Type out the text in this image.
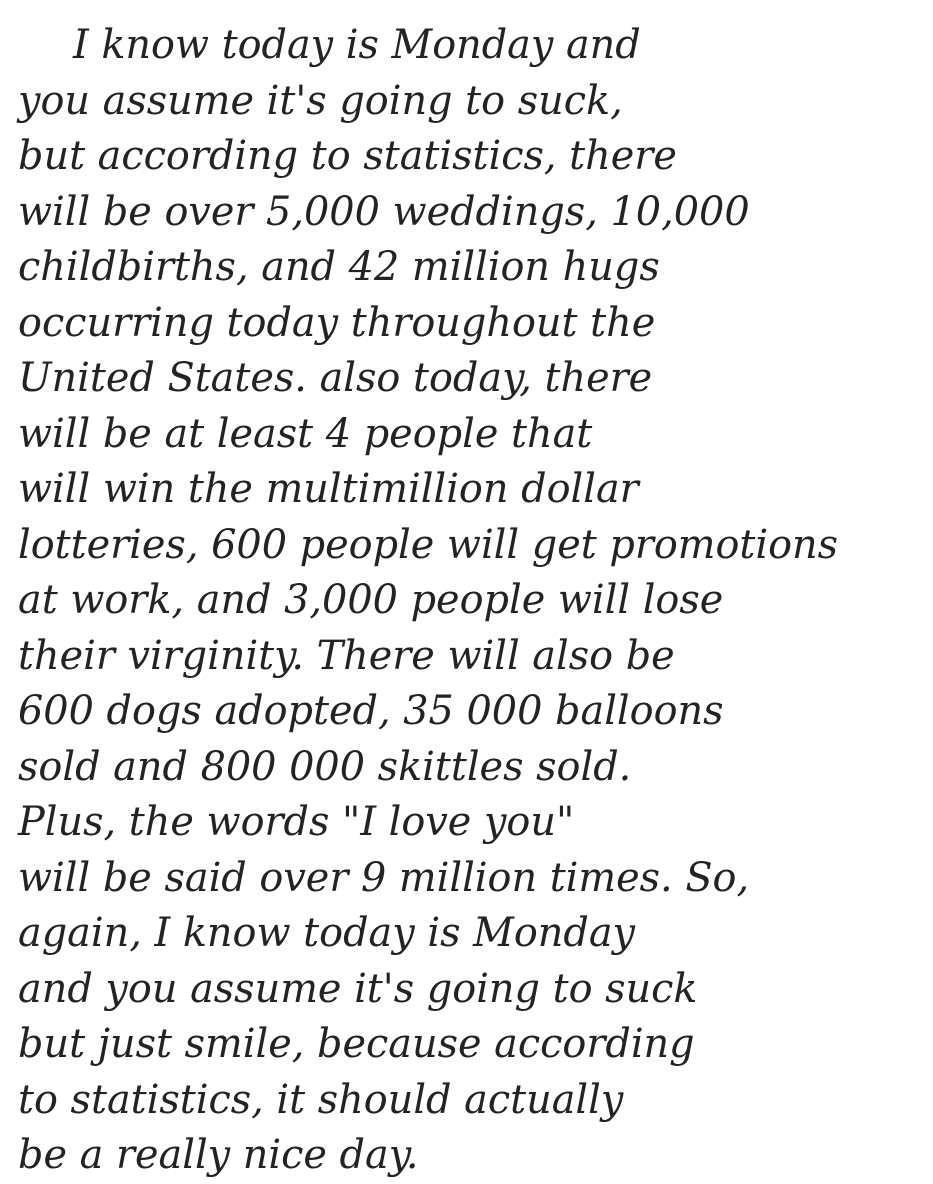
I know today is Monday and
you assume it's going to suck,
but according to statistics, there
will be over 5,000 weddings, 10,000
childbirths, and 42 million hugs
occurring today throughout the
United States. also today, there
will be at least 4 people that
will win the multimillion dollar
lotteries, 600 people will get promotions
at work, and 3,000 people will lose
their virginity. There will also be
600 dogs adopted, 35 000 balloons
sold and 800 000 skittles sold.
Plus, the words "I love you"
will be said over 9 million times. So,
again, I know today is Monday
and you assume it's going to suck
but just smile, because according
to statistics, it should actually
be a really nice day.
